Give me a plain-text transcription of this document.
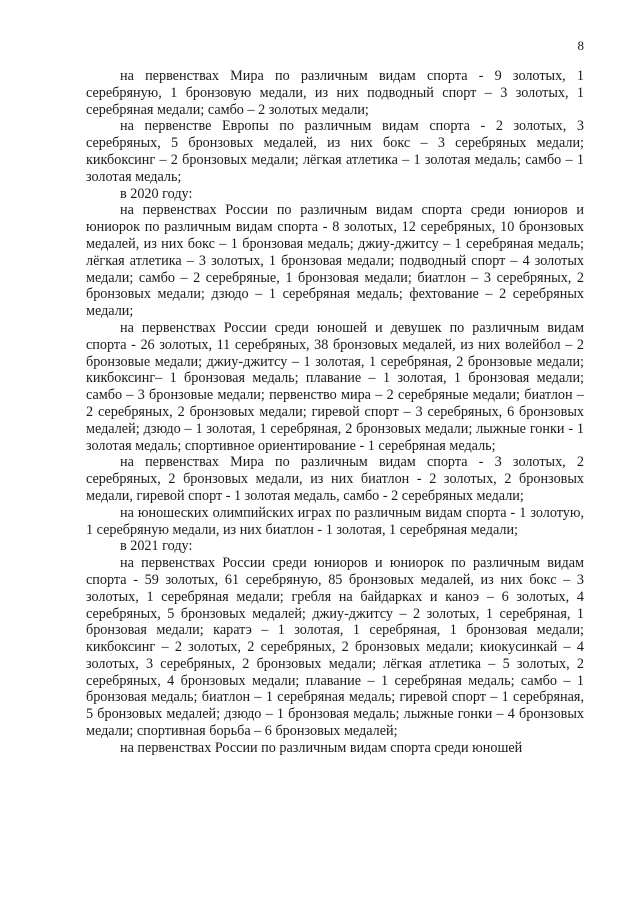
8

на первенствах Мира по различным видам спорта - 9 золотых, 1 серебряную, 1 бронзовую медали, из них подводный спорт – 3 золотых, 1 серебряная медали; самбо – 2 золотых медали;

на первенстве Европы по различным видам спорта - 2 золотых, 3 серебряных, 5 бронзовых медалей, из них бокс – 3 серебряных медали; кикбоксинг – 2 бронзовых медали; лёгкая атлетика – 1 золотая медаль; самбо – 1 золотая медаль;

в 2020 году:

на первенствах России по различным видам спорта среди юниоров и юниорок по различным видам спорта - 8 золотых, 12 серебряных, 10 бронзовых медалей, из них бокс – 1 бронзовая медаль; джиу-джитсу – 1 серебряная медаль; лёгкая атлетика – 3 золотых, 1 бронзовая медали; подводный спорт – 4 золотых медали; самбо – 2 серебряные, 1 бронзовая медали; биатлон – 3 серебряных, 2 бронзовых медали; дзюдо – 1 серебряная медаль; фехтование – 2 серебряных медали;

на первенствах России среди юношей и девушек по различным видам спорта - 26 золотых, 11 серебряных, 38 бронзовых медалей, из них волейбол – 2 бронзовые медали; джиу-джитсу – 1 золотая, 1 серебряная, 2 бронзовые медали; кикбоксинг– 1 бронзовая медаль; плавание – 1 золотая, 1 бронзовая медали; самбо – 3 бронзовые медали; первенство мира – 2 серебряные медали; биатлон – 2 серебряных, 2 бронзовых медали; гиревой спорт – 3 серебряных, 6 бронзовых медалей; дзюдо – 1 золотая, 1 серебряная, 2 бронзовых медали; лыжные гонки - 1 золотая медаль; спортивное ориентирование - 1 серебряная медаль;

на первенствах Мира по различным видам спорта - 3 золотых, 2 серебряных, 2 бронзовых медали, из них биатлон - 2 золотых, 2 бронзовых медали, гиревой спорт - 1 золотая медаль, самбо - 2 серебряных медали;

на юношеских олимпийских играх по различным видам спорта - 1 золотую, 1 серебряную медали, из них биатлон - 1 золотая, 1 серебряная медали;

в 2021 году:

на первенствах России среди юниоров и юниорок по различным видам спорта - 59 золотых, 61 серебряную, 85 бронзовых медалей, из них бокс – 3 золотых, 1 серебряная медали; гребля на байдарках и каноэ – 6 золотых, 4 серебряных, 5 бронзовых медалей; джиу-джитсу – 2 золотых, 1 серебряная, 1 бронзовая медали; каратэ – 1 золотая, 1 серебряная, 1 бронзовая медали; кикбоксинг – 2 золотых, 2 серебряных, 2 бронзовых медали; киокусинкай – 4 золотых, 3 серебряных, 2 бронзовых медали; лёгкая атлетика – 5 золотых, 2 серебряных, 4 бронзовых медали; плавание – 1 серебряная медаль; самбо – 1 бронзовая медаль; биатлон – 1 серебряная медаль; гиревой спорт – 1 серебряная, 5 бронзовых медалей; дзюдо – 1 бронзовая медаль; лыжные гонки – 4 бронзовых медали; спортивная борьба – 6 бронзовых медалей;

на первенствах России по различным видам спорта среди юношей
